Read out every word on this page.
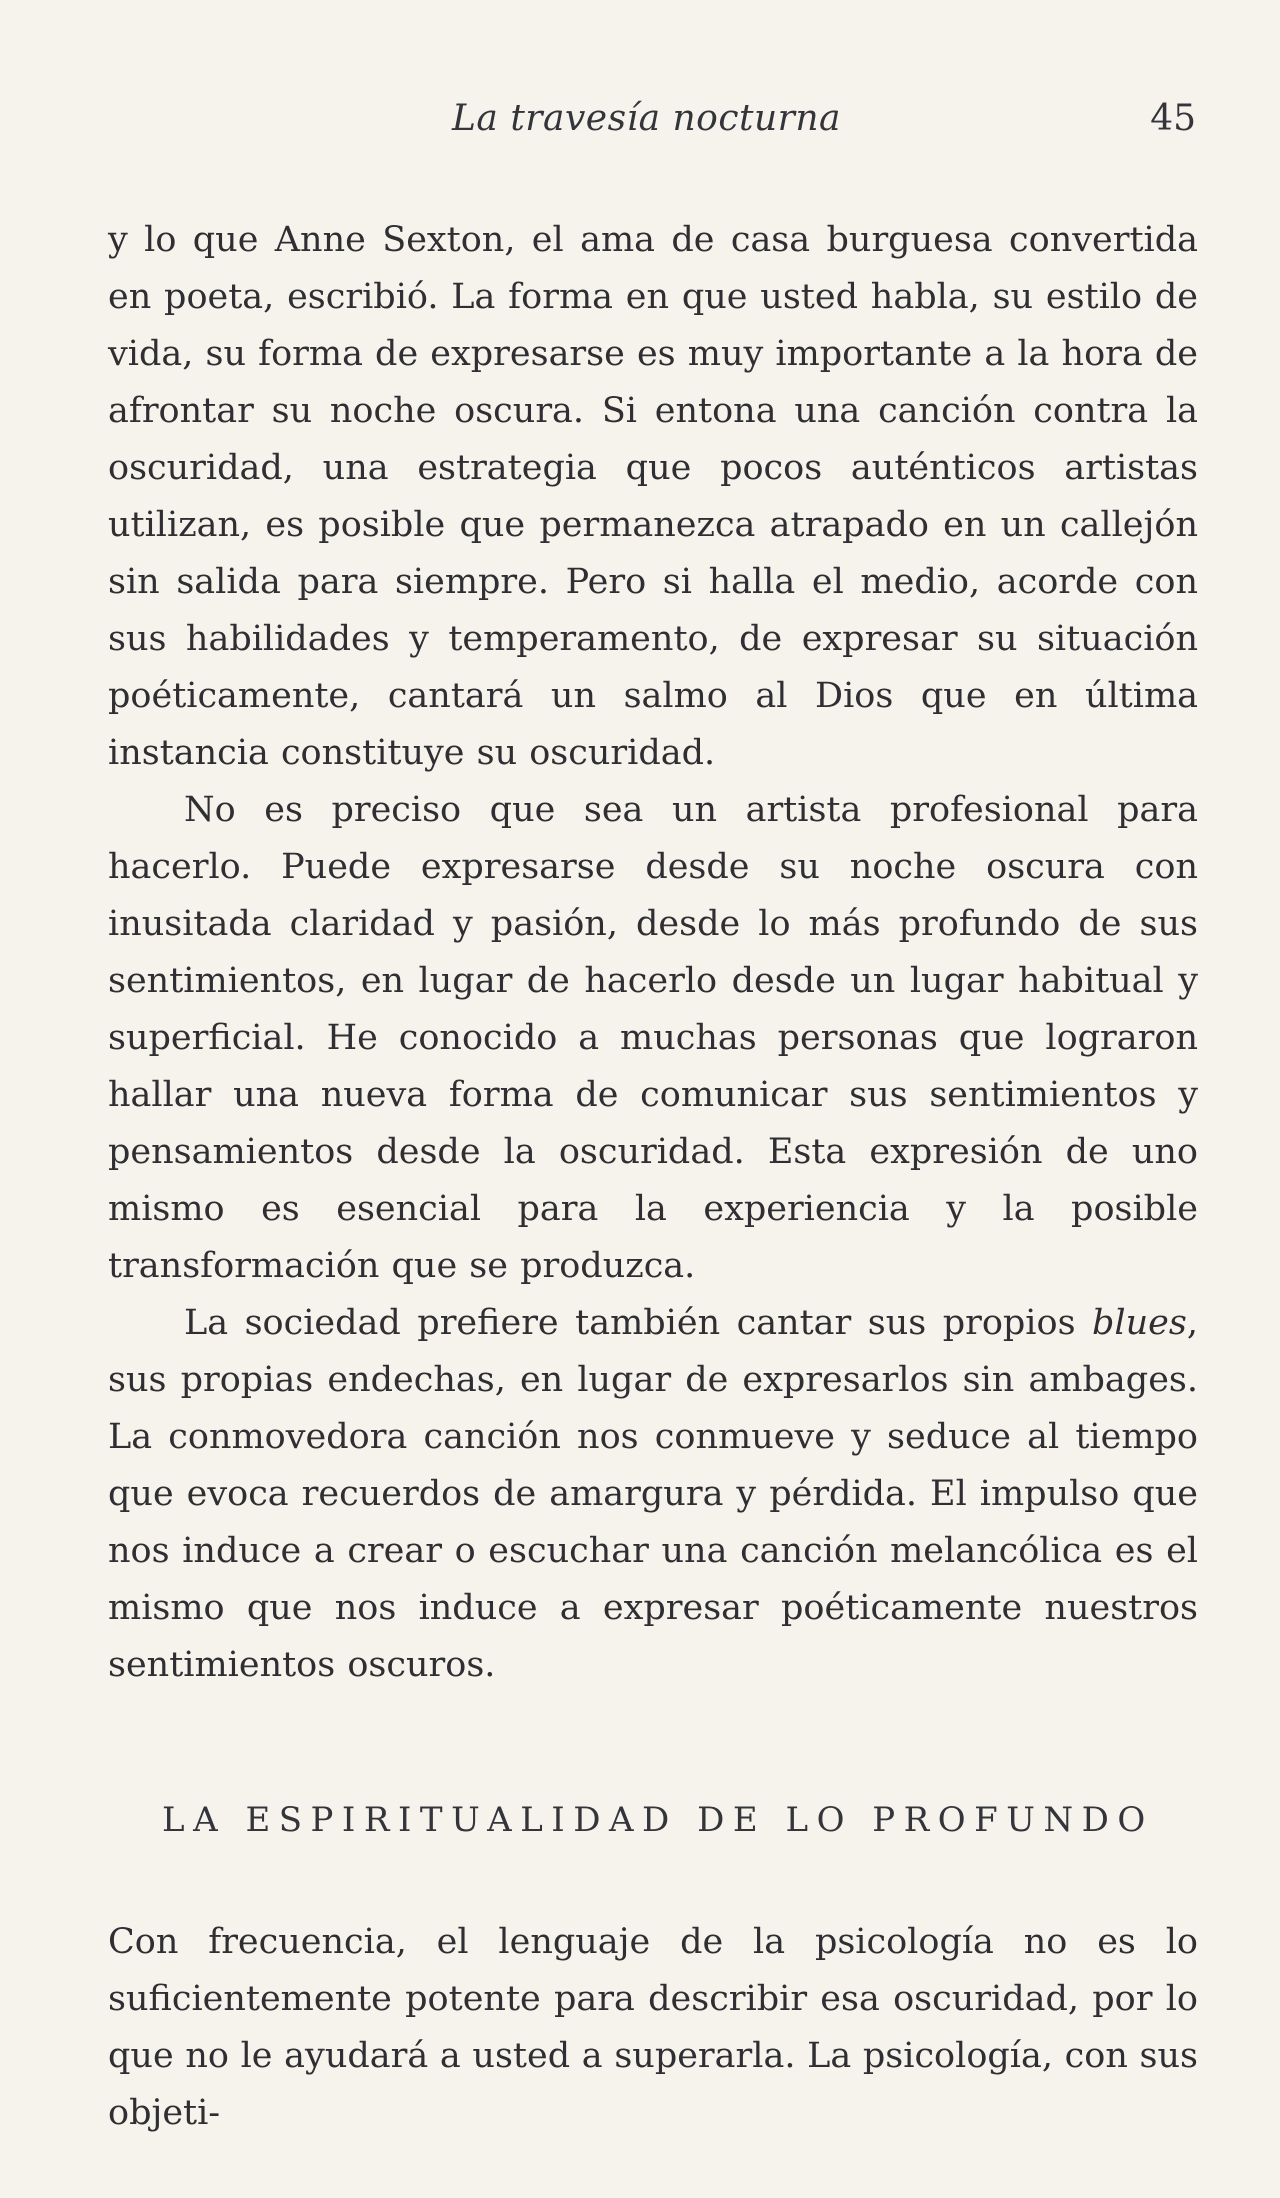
La travesía nocturna	45

y lo que Anne Sexton, el ama de casa burguesa convertida en poeta, escribió. La forma en que usted habla, su estilo de vida, su forma de expresarse es muy importante a la hora de afrontar su noche oscura. Si entona una canción contra la oscuridad, una estrategia que pocos auténticos artistas utilizan, es posible que permanezca atrapado en un callejón sin salida para siempre. Pero si halla el medio, acorde con sus habilidades y temperamento, de expresar su situación poéticamente, cantará un salmo al Dios que en última instancia constituye su oscuridad.

No es preciso que sea un artista profesional para hacerlo. Puede expresarse desde su noche oscura con inusitada claridad y pasión, desde lo más profundo de sus sentimientos, en lugar de hacerlo desde un lugar habitual y superficial. He conocido a muchas personas que lograron hallar una nueva forma de comunicar sus sentimientos y pensamientos desde la oscuridad. Esta expresión de uno mismo es esencial para la experiencia y la posible transformación que se produzca.

La sociedad prefiere también cantar sus propios blues, sus propias endechas, en lugar de expresarlos sin ambages. La conmovedora canción nos conmueve y seduce al tiempo que evoca recuerdos de amargura y pérdida. El impulso que nos induce a crear o escuchar una canción melancólica es el mismo que nos induce a expresar poéticamente nuestros sentimientos oscuros.

LA ESPIRITUALIDAD DE LO PROFUNDO

Con frecuencia, el lenguaje de la psicología no es lo suficientemente potente para describir esa oscuridad, por lo que no le ayudará a usted a superarla. La psicología, con sus objeti-
